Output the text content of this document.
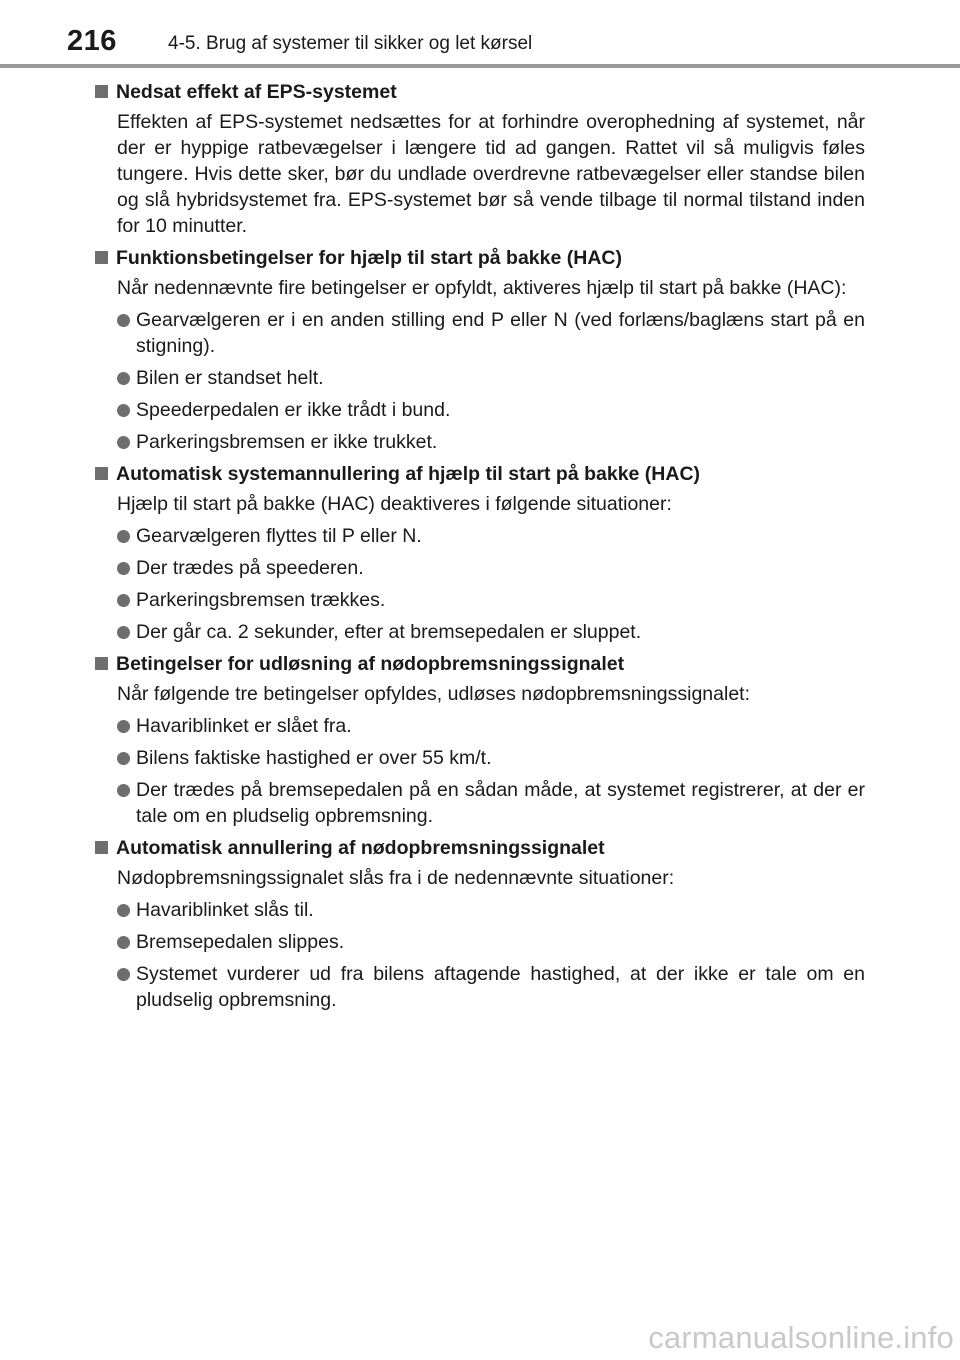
216	4-5. Brug af systemer til sikker og let kørsel
Nedsat effekt af EPS-systemet
Effekten af EPS-systemet nedsættes for at forhindre overophedning af systemet, når der er hyppige ratbevægelser i længere tid ad gangen. Rattet vil så muligvis føles tungere. Hvis dette sker, bør du undlade overdrevne ratbevægelser eller standse bilen og slå hybridsystemet fra. EPS-systemet bør så vende tilbage til normal tilstand inden for 10 minutter.
Funktionsbetingelser for hjælp til start på bakke (HAC)
Når nedennævnte fire betingelser er opfyldt, aktiveres hjælp til start på bakke (HAC):
Gearvælgeren er i en anden stilling end P eller N (ved forlæns/baglæns start på en stigning).
Bilen er standset helt.
Speederpedalen er ikke trådt i bund.
Parkeringsbremsen er ikke trukket.
Automatisk systemannullering af hjælp til start på bakke (HAC)
Hjælp til start på bakke (HAC) deaktiveres i følgende situationer:
Gearvælgeren flyttes til P eller N.
Der trædes på speederen.
Parkeringsbremsen trækkes.
Der går ca. 2 sekunder, efter at bremsepedalen er sluppet.
Betingelser for udløsning af nødopbremsningssignalet
Når følgende tre betingelser opfyldes, udløses nødopbremsningssignalet:
Havariblinket er slået fra.
Bilens faktiske hastighed er over 55 km/t.
Der trædes på bremsepedalen på en sådan måde, at systemet registrerer, at der er tale om en pludselig opbremsning.
Automatisk annullering af nødopbremsningssignalet
Nødopbremsningssignalet slås fra i de nedennævnte situationer:
Havariblinket slås til.
Bremsepedalen slippes.
Systemet vurderer ud fra bilens aftagende hastighed, at der ikke er tale om en pludselig opbremsning.
carmanualsonline.info
